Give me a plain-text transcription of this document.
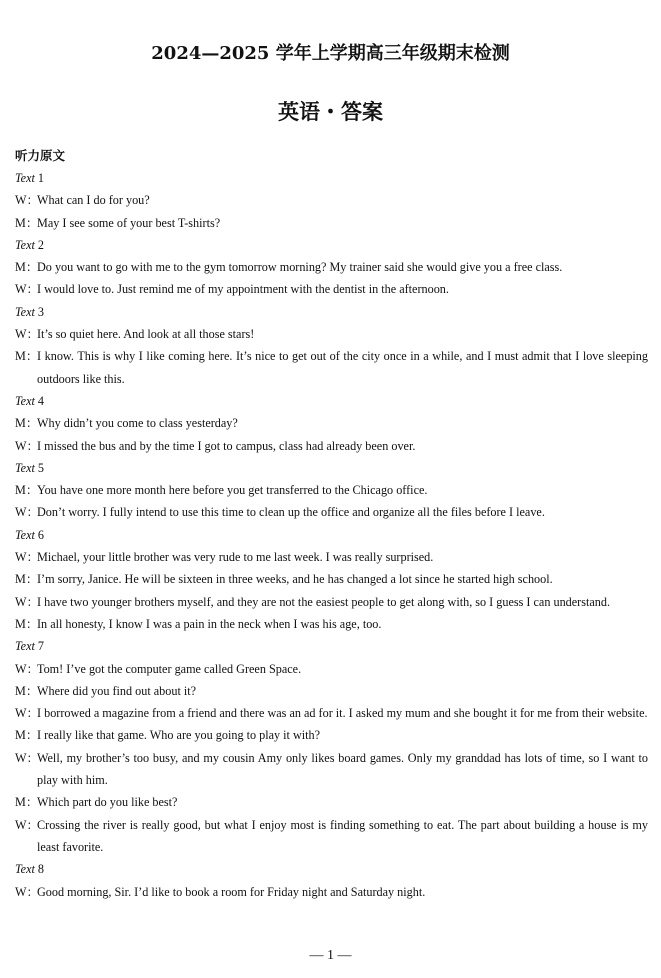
2024—2025 学年上学期高三年级期末检测
英语・答案
听力原文
Text 1
W：
What can I do for you?
M：
May I see some of your best T-shirts?
Text 2
M：
Do you want to go with me to the gym tomorrow morning? My trainer said she would give you a free class.
W：
I would love to. Just remind me of my appointment with the dentist in the afternoon.
Text 3
W：
It’s so quiet here. And look at all those stars!
M：
I know. This is why I like coming here. It’s nice to get out of the city once in a while, and I must admit that I love sleeping outdoors like this.
Text 4
M：
Why didn’t you come to class yesterday?
W：
I missed the bus and by the time I got to campus, class had already been over.
Text 5
M：
You have one more month here before you get transferred to the Chicago office.
W：
Don’t worry. I fully intend to use this time to clean up the office and organize all the files before I leave.
Text 6
W：
Michael, your little brother was very rude to me last week. I was really surprised.
M：
I’m sorry, Janice. He will be sixteen in three weeks, and he has changed a lot since he started high school.
W：
I have two younger brothers myself, and they are not the easiest people to get along with, so I guess I can understand.
M：
In all honesty, I know I was a pain in the neck when I was his age, too.
Text 7
W：
Tom! I’ve got the computer game called Green Space.
M：
Where did you find out about it?
W：
I borrowed a magazine from a friend and there was an ad for it. I asked my mum and she bought it for me from their website.
M：
I really like that game. Who are you going to play it with?
W：
Well, my brother’s too busy, and my cousin Amy only likes board games. Only my granddad has lots of time, so I want to play with him.
M：
Which part do you like best?
W：
Crossing the river is really good, but what I enjoy most is finding something to eat. The part about building a house is my least favorite.
Text 8
W：
Good morning, Sir. I’d like to book a room for Friday night and Saturday night.
— 1 —
